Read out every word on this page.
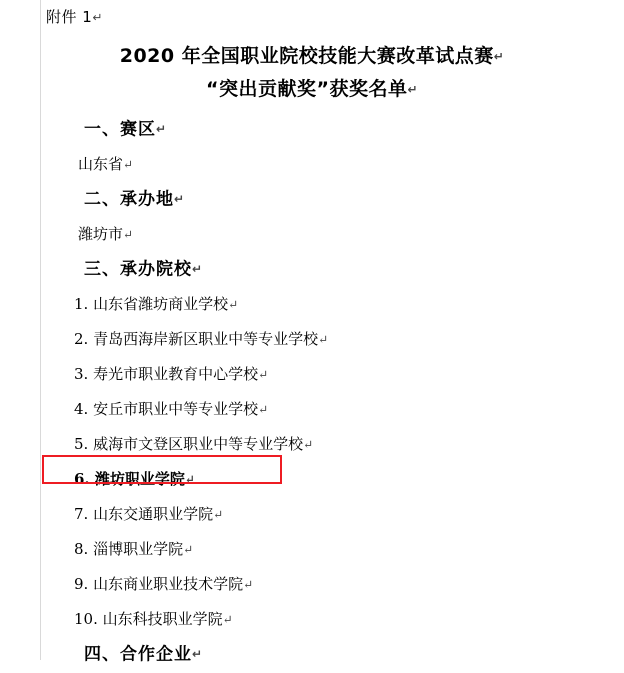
附件 1↵
2020 年全国职业院校技能大赛改革试点赛↵
“突出贡献奖”获奖名单↵
一、赛区↵
山东省↵
二、承办地↵
潍坊市↵
三、承办院校↵
1. 山东省潍坊商业学校↵
2. 青岛西海岸新区职业中等专业学校↵
3. 寿光市职业教育中心学校↵
4. 安丘市职业中等专业学校↵
5. 威海市文登区职业中等专业学校↵
6. 潍坊职业学院↵
7. 山东交通职业学院↵
8. 淄博职业学院↵
9. 山东商业职业技术学院↵
10. 山东科技职业学院↵
四、合作企业↵
